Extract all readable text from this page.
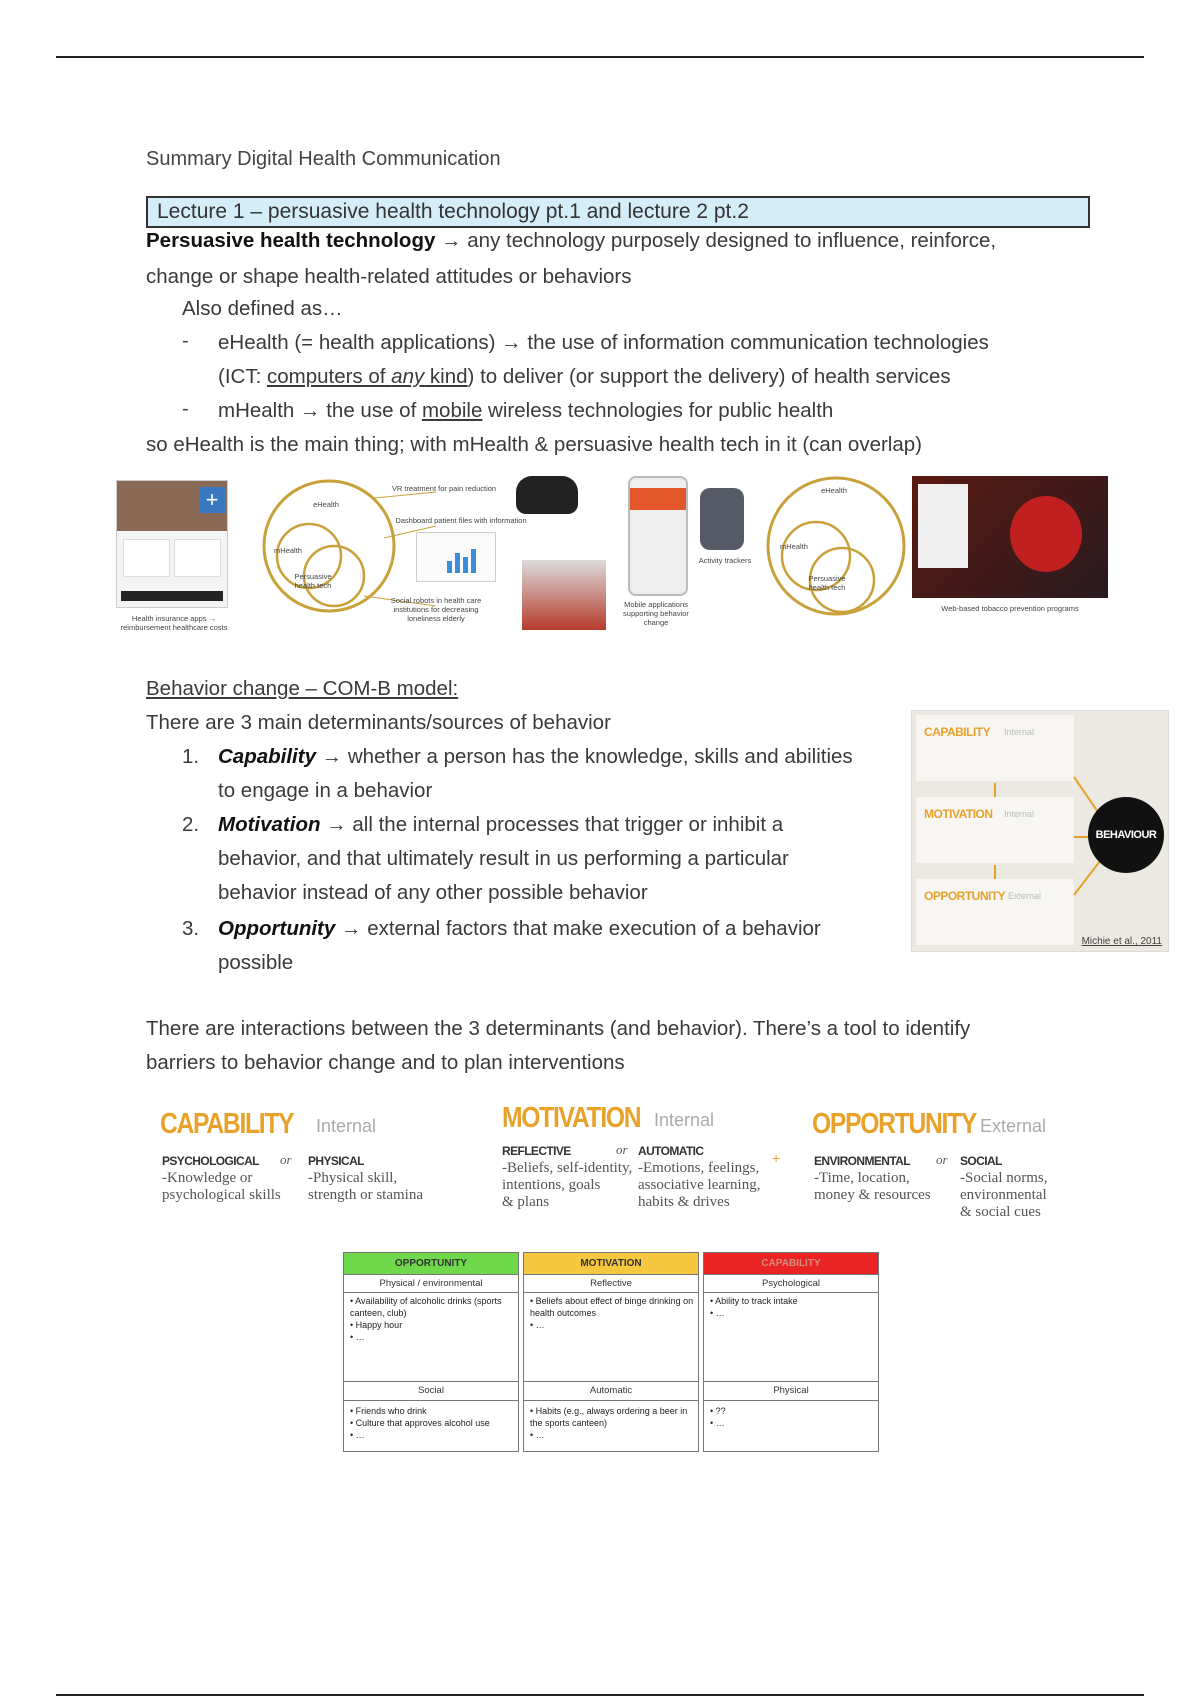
Summary Digital Health Communication
Lecture 1 – persuasive health technology pt.1 and lecture 2 pt.2
Persuasive health technology → any technology purposely designed to influence, reinforce,
change or shape health-related attitudes or behaviors
Also defined as…
- eHealth (= health applications) → the use of information communication technologies
(ICT: computers of any kind) to deliver (or support the delivery) of health services
- mHealth → the use of mobile wireless technologies for public health
so eHealth is the main thing; with mHealth & persuasive health tech in it (can overlap)
+
Health insurance apps → reimbursement healthcare costs
eHealth
mHealth
Persuasive health tech
VR treatment for pain reduction
Dashboard patient files with information
Social robots in health care institutions for decreasing loneliness elderly
Mobile applications supporting behavior change
Activity trackers
eHealth
mHealth
Persuasive health tech
Web-based tobacco prevention programs
Behavior change – COM-B model:
There are 3 main determinants/sources of behavior
1. Capability → whether a person has the knowledge, skills and abilities
to engage in a behavior
2. Motivation → all the internal processes that trigger or inhibit a
behavior, and that ultimately result in us performing a particular
behavior instead of any other possible behavior
3. Opportunity → external factors that make execution of a behavior
possible
There are interactions between the 3 determinants (and behavior). There’s a tool to identify
barriers to behavior change and to plan interventions
CAPABILITY Internal
MOTIVATION Internal
OPPORTUNITY External
BEHAVIOUR
Michie et al., 2011
CAPABILITY Internal
PSYCHOLOGICAL or PHYSICAL
-Knowledge or
psychological skills
-Physical skill,
strength or stamina
MOTIVATION Internal
REFLECTIVE	or AUTOMATIC
-Beliefs, self-identity,
intentions, goals
& plans
-Emotions, feelings,
associative learning,
habits & drives
+
OPPORTUNITY External
ENVIRONMENTAL or SOCIAL
-Time, location,
money & resources
-Social norms,
environmental
& social cues
OPPORTUNITY
Physical / environmental
• Availability of alcoholic drinks (sports canteen, club)
• Happy hour
• …
Social
• Friends who drink
• Culture that approves alcohol use
• …
MOTIVATION
Reflective
• Beliefs about effect of binge drinking on health outcomes
• …
Automatic
• Habits (e.g., always ordering a beer in the sports canteen)
• …
CAPABILITY
Psychological
• Ability to track intake
• …
Physical
• ??
• …
